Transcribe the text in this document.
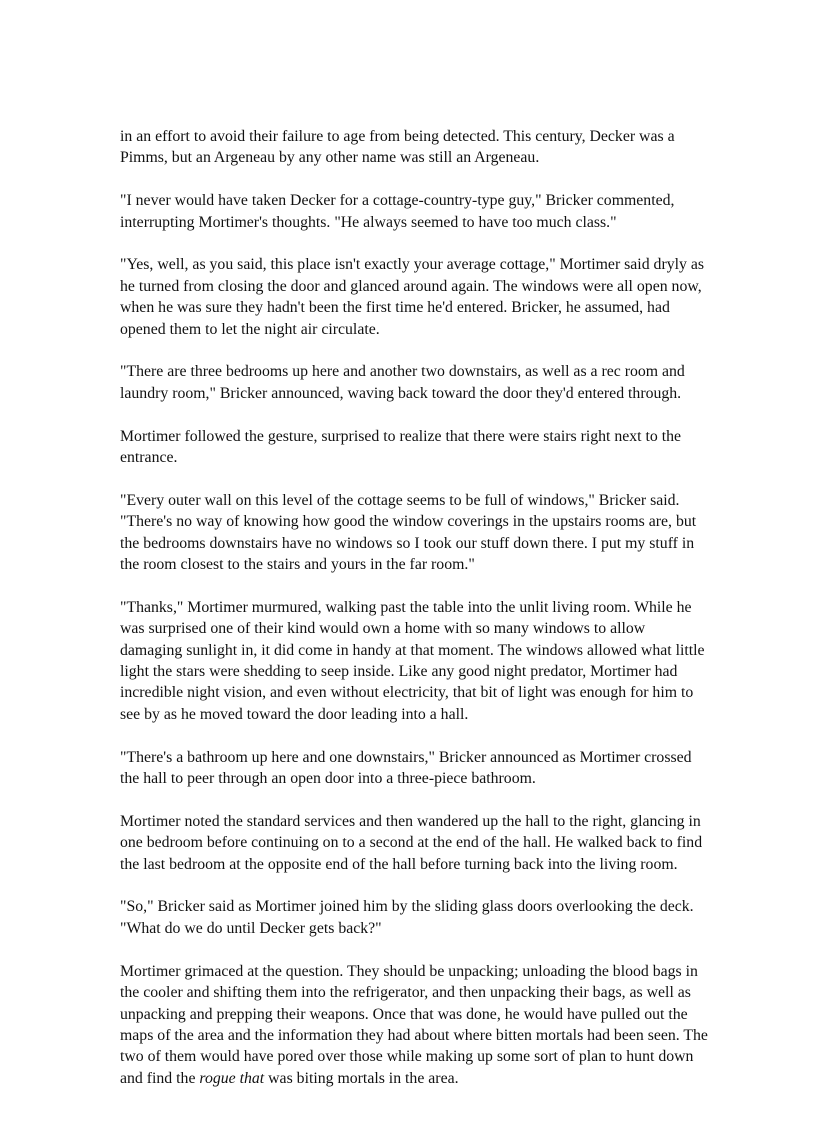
in an effort to avoid their failure to age from being detected. This century, Decker was a Pimms, but an Argeneau by any other name was still an Argeneau.

"I never would have taken Decker for a cottage-country-type guy," Bricker commented, interrupting Mortimer's thoughts. "He always seemed to have too much class."

"Yes, well, as you said, this place isn't exactly your average cottage," Mortimer said dryly as he turned from closing the door and glanced around again. The windows were all open now, when he was sure they hadn't been the first time he'd entered. Bricker, he assumed, had opened them to let the night air circulate.

"There are three bedrooms up here and another two downstairs, as well as a rec room and laundry room," Bricker announced, waving back toward the door they'd entered through.

Mortimer followed the gesture, surprised to realize that there were stairs right next to the entrance.

"Every outer wall on this level of the cottage seems to be full of windows," Bricker said. "There's no way of knowing how good the window coverings in the upstairs rooms are, but the bedrooms downstairs have no windows so I took our stuff down there. I put my stuff in the room closest to the stairs and yours in the far room."

"Thanks," Mortimer murmured, walking past the table into the unlit living room. While he was surprised one of their kind would own a home with so many windows to allow damaging sunlight in, it did come in handy at that moment. The windows allowed what little light the stars were shedding to seep inside. Like any good night predator, Mortimer had incredible night vision, and even without electricity, that bit of light was enough for him to see by as he moved toward the door leading into a hall.

"There's a bathroom up here and one downstairs," Bricker announced as Mortimer crossed the hall to peer through an open door into a three-piece bathroom.

Mortimer noted the standard services and then wandered up the hall to the right, glancing in one bedroom before continuing on to a second at the end of the hall. He walked back to find the last bedroom at the opposite end of the hall before turning back into the living room.

"So," Bricker said as Mortimer joined him by the sliding glass doors overlooking the deck. "What do we do until Decker gets back?"

Mortimer grimaced at the question. They should be unpacking; unloading the blood bags in the cooler and shifting them into the refrigerator, and then unpacking their bags, as well as unpacking and prepping their weapons. Once that was done, he would have pulled out the maps of the area and the information they had about where bitten mortals had been seen. The two of them would have pored over those while making up some sort of plan to hunt down and find the rogue that was biting mortals in the area.
